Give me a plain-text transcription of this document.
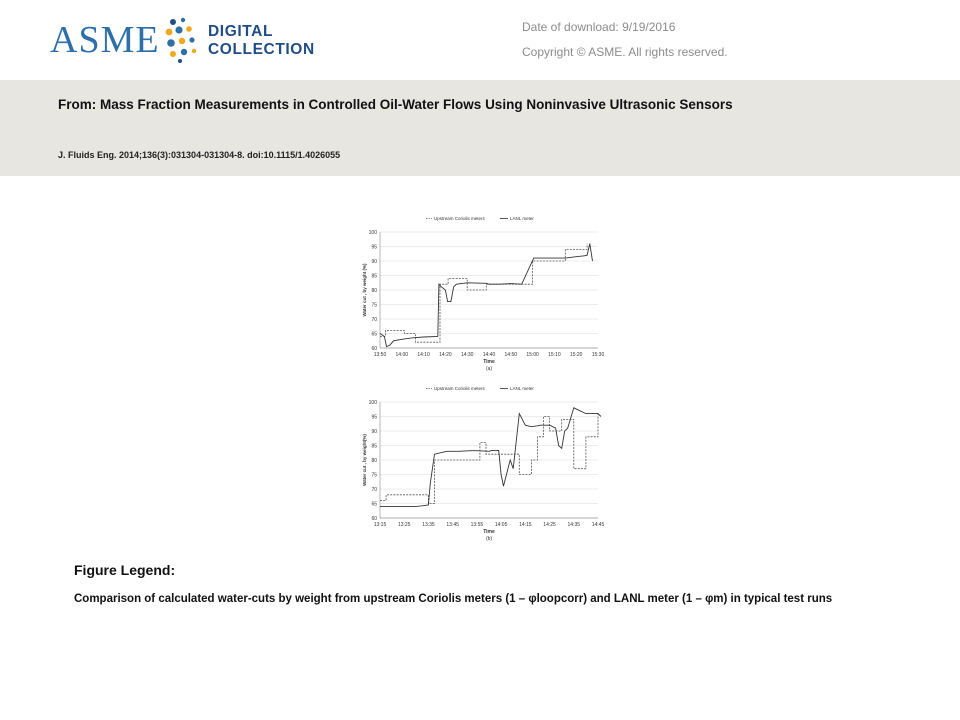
ASME	DIGITAL
COLLECTION
Date of download: 9/19/2016
Copyright © ASME. All rights reserved.
From: Mass Fraction Measurements in Controlled Oil-Water Flows Using Noninvasive Ultrasonic Sensors
J. Fluids Eng. 2014;136(3):031304-031304-8. doi:10.1115/1.4026055
60
65
70
75
80
85
90
95
100
13:50 14:00 14:10 14:20 14:30 14:40 14:50 15:00 15:10 15:20 15:30
Time
(a)
Water cut , by weight (%)
Upstream Coriolis meters	LANL meter
60
65
70
75
80
85
90
95
100
13:15 13:25 13:35 13:45 13:55 14:05 14:15 14:25 14:35 14:45
Time
(b)
Water cut , by weight(%)
Upstream Coriolis meters	LANL meter
Figure Legend:
Comparison of calculated water-cuts by weight from upstream Coriolis meters (1 – φloopcorr) and LANL meter (1 – φm) in typical test runs
